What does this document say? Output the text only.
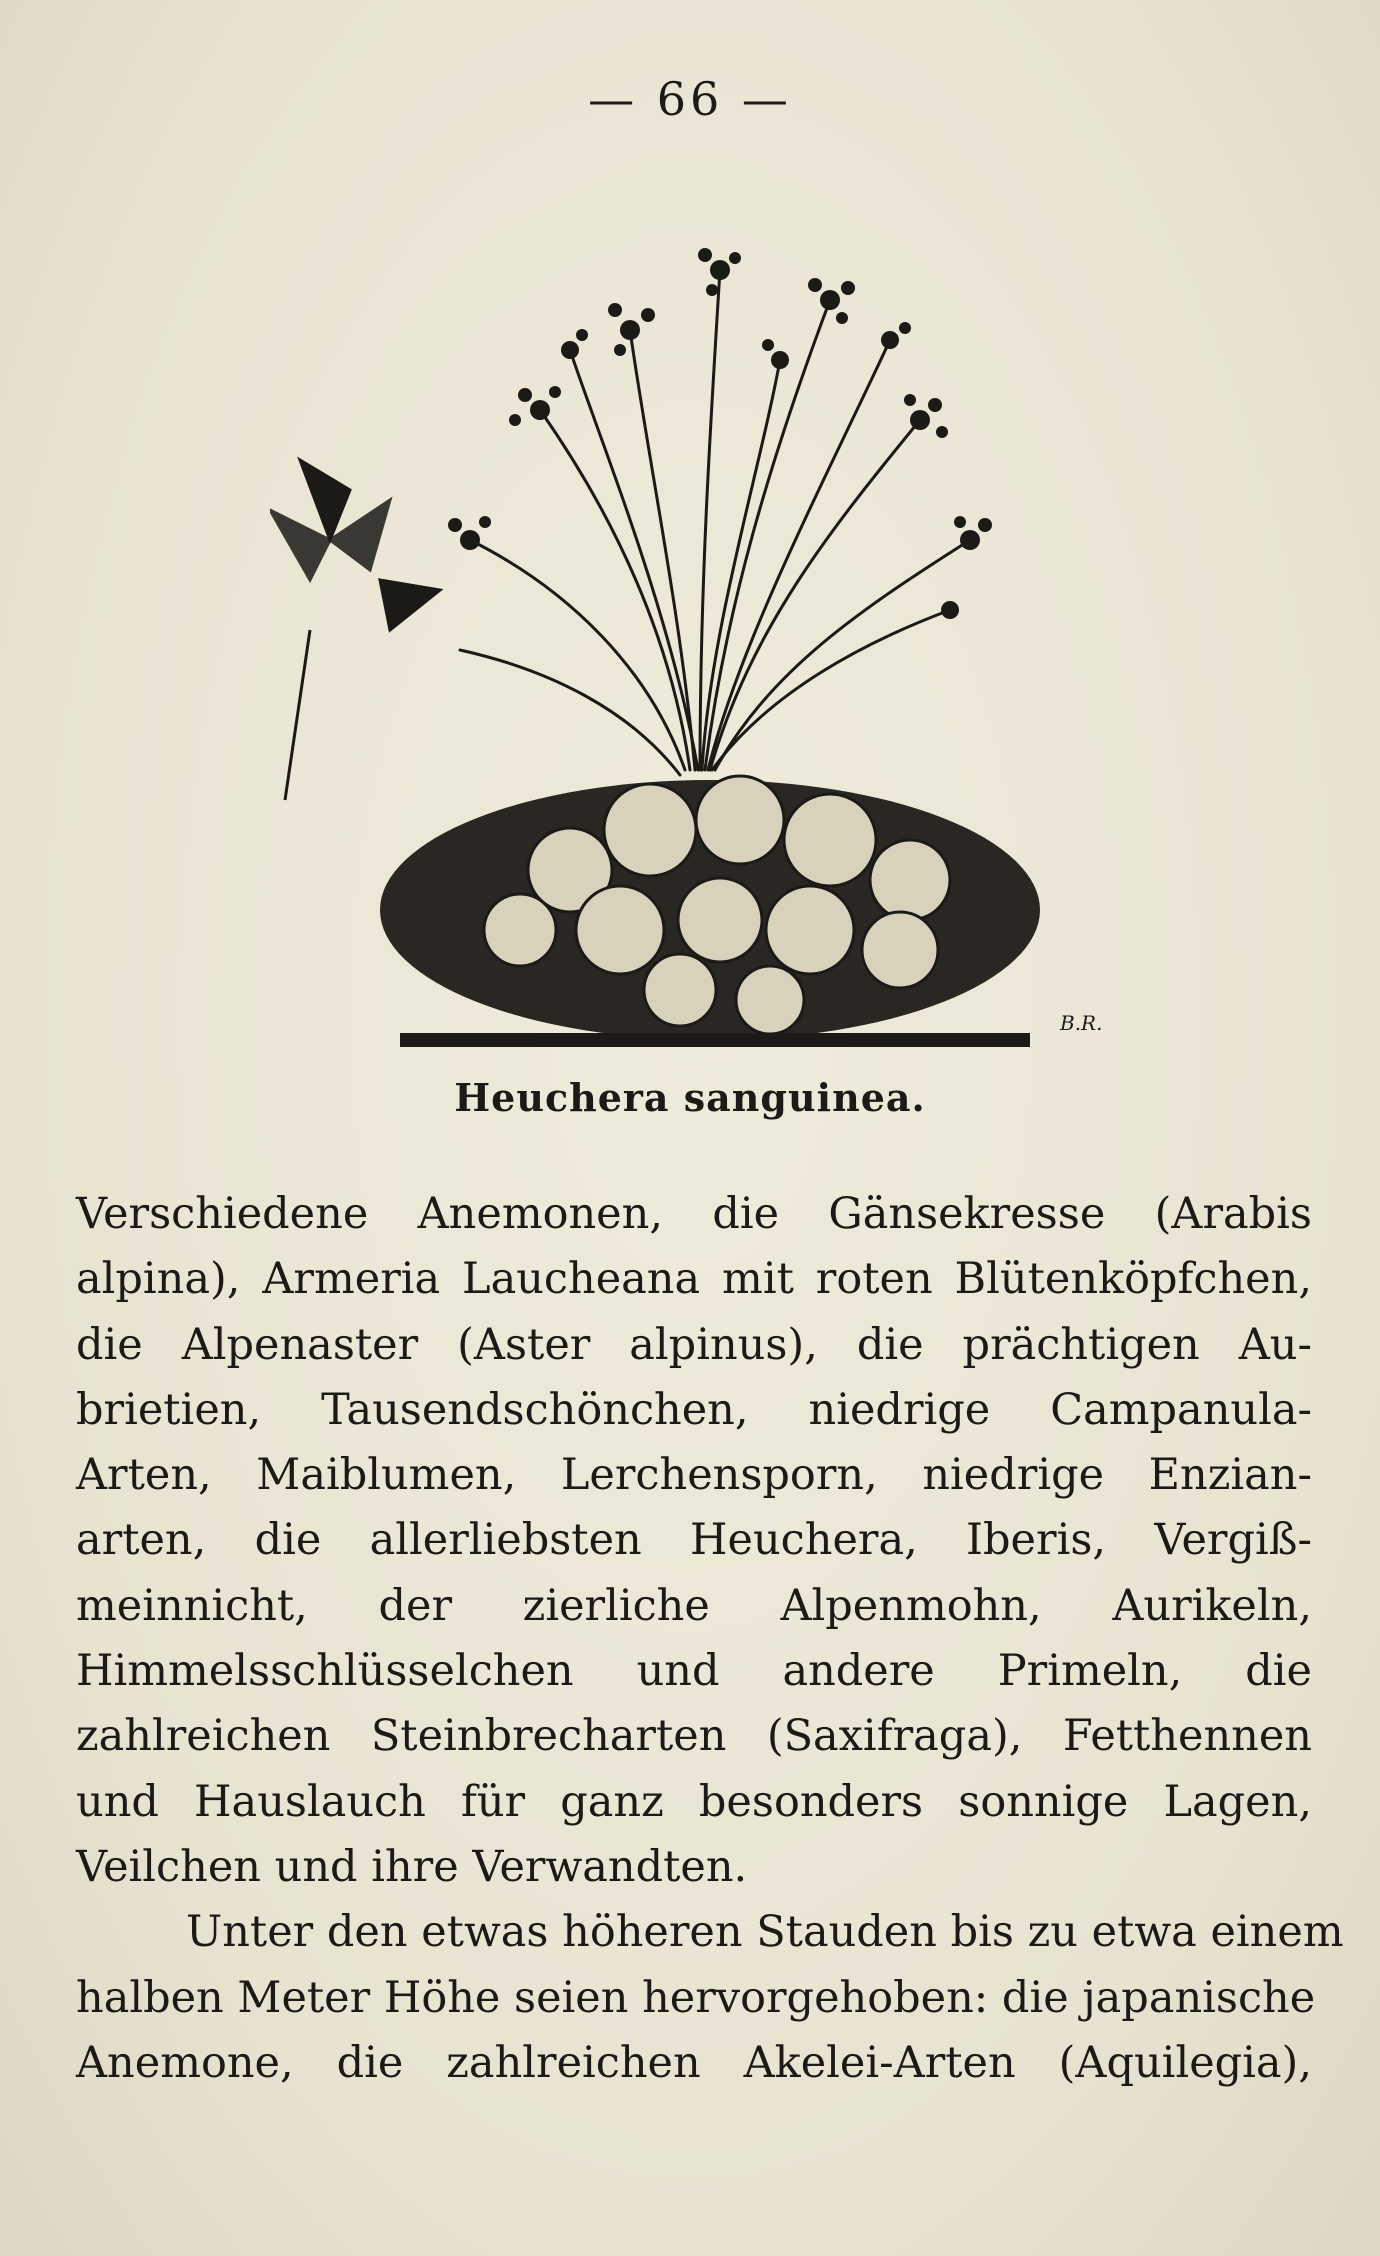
— 66 —
B.R.
Heuchera sanguinea.
Verschiedene Anemonen, die Gänsekresse (Arabis
alpina), Armeria Laucheana mit roten Blütenköpfchen,
die Alpenaster (Aster alpinus), die prächtigen Au-
brietien, Tausendschönchen, niedrige Campanula-
Arten, Maiblumen, Lerchensporn, niedrige Enzian-
arten, die allerliebsten Heuchera, Iberis, Vergiß-
meinnicht, der zierliche Alpenmohn, Aurikeln,
Himmelsschlüsselchen und andere Primeln, die
zahlreichen Steinbrecharten (Saxifraga), Fetthennen
und Hauslauch für ganz besonders sonnige Lagen,
Veilchen und ihre Verwandten.
Unter den etwas höheren Stauden bis zu etwa einem
halben Meter Höhe seien hervorgehoben: die japanische
Anemone, die zahlreichen Akelei-Arten (Aquilegia),
